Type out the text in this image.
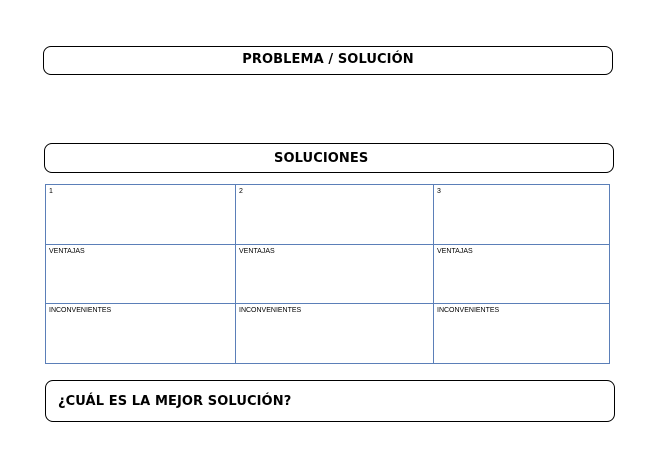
PROBLEMA / SOLUCIÓN
SOLUCIONES
1	2	3
VENTAJAS	VENTAJAS	VENTAJAS
INCONVENIENTES	INCONVENIENTES	INCONVENIENTES
¿CUÁL ES LA MEJOR SOLUCIÓN?
